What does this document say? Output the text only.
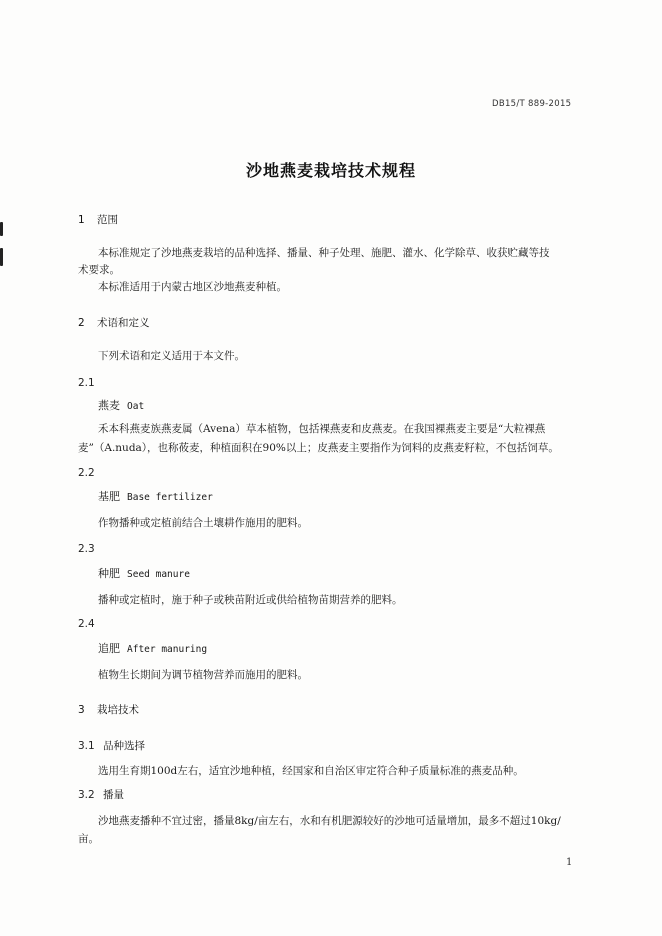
DB15/T 889-2015
沙地燕麦栽培技术规程
1 范围
本标准规定了沙地燕麦栽培的品种选择、播量、种子处理、施肥、灌水、化学除草、收获贮藏等技
术要求。
本标准适用于内蒙古地区沙地燕麦种植。
2 术语和定义
下列术语和定义适用于本文件。
2.1
燕麦 Oat
禾本科燕麦族燕麦属（Avena）草本植物，包括裸燕麦和皮燕麦。在我国裸燕麦主要是“大粒裸燕
麦”（A.nuda），也称莜麦，种植面积在90%以上；皮燕麦主要指作为饲料的皮燕麦籽粒，不包括饲草。
2.2
基肥 Base fertilizer
作物播种或定植前结合土壤耕作施用的肥料。
2.3
种肥 Seed manure
播种或定植时，施于种子或秧苗附近或供给植物苗期营养的肥料。
2.4
追肥 After manuring
植物生长期间为调节植物营养而施用的肥料。
3 栽培技术
3.1 品种选择
选用生育期100d左右，适宜沙地种植，经国家和自治区审定符合种子质量标准的燕麦品种。
3.2 播量
沙地燕麦播种不宜过密，播量8kg/亩左右，水和有机肥源较好的沙地可适量增加，最多不超过10kg/
亩。
1
